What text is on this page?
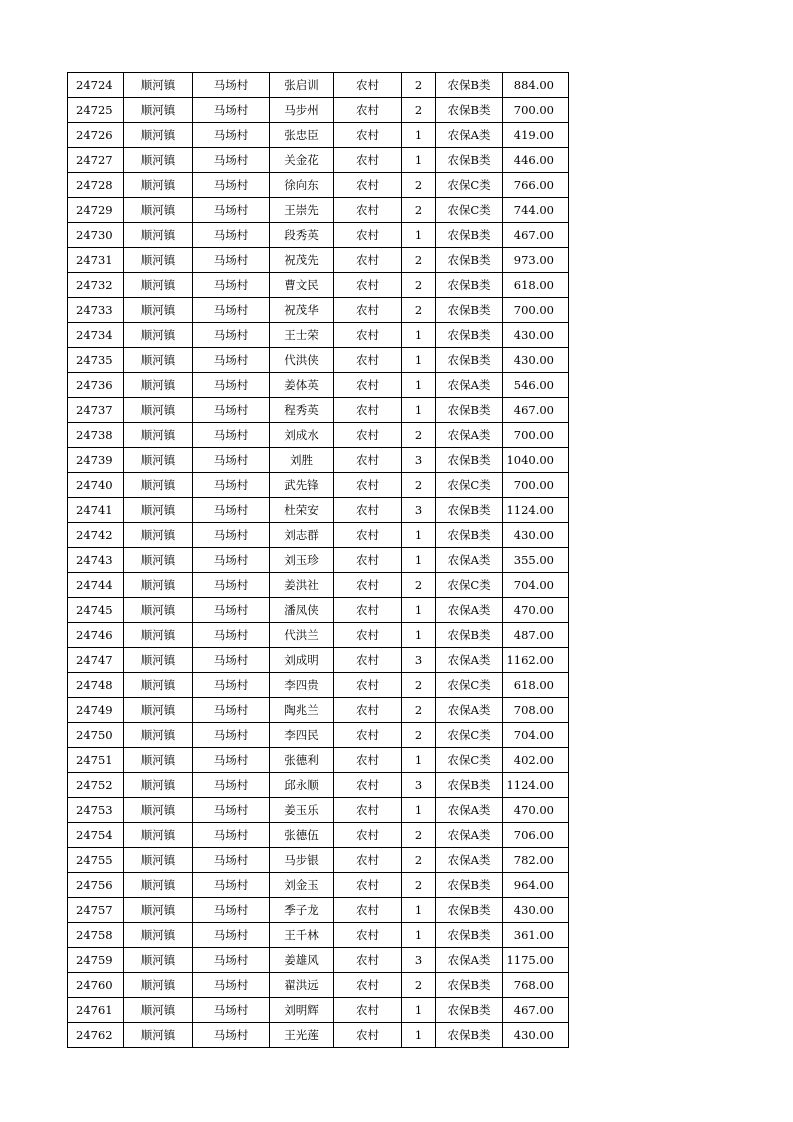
24724	顺河镇	马场村	张启训	农村	2	农保B类	884.00
24725	顺河镇	马场村	马步州	农村	2	农保B类	700.00
24726	顺河镇	马场村	张忠臣	农村	1	农保A类	419.00
24727	顺河镇	马场村	关金花	农村	1	农保B类	446.00
24728	顺河镇	马场村	徐向东	农村	2	农保C类	766.00
24729	顺河镇	马场村	王崇先	农村	2	农保C类	744.00
24730	顺河镇	马场村	段秀英	农村	1	农保B类	467.00
24731	顺河镇	马场村	祝茂先	农村	2	农保B类	973.00
24732	顺河镇	马场村	曹文民	农村	2	农保B类	618.00
24733	顺河镇	马场村	祝茂华	农村	2	农保B类	700.00
24734	顺河镇	马场村	王士荣	农村	1	农保B类	430.00
24735	顺河镇	马场村	代洪侠	农村	1	农保B类	430.00
24736	顺河镇	马场村	姜体英	农村	1	农保A类	546.00
24737	顺河镇	马场村	程秀英	农村	1	农保B类	467.00
24738	顺河镇	马场村	刘成水	农村	2	农保A类	700.00
24739	顺河镇	马场村	刘胜	农村	3	农保B类	1040.00
24740	顺河镇	马场村	武先锋	农村	2	农保C类	700.00
24741	顺河镇	马场村	杜荣安	农村	3	农保B类	1124.00
24742	顺河镇	马场村	刘志群	农村	1	农保B类	430.00
24743	顺河镇	马场村	刘玉珍	农村	1	农保A类	355.00
24744	顺河镇	马场村	姜洪社	农村	2	农保C类	704.00
24745	顺河镇	马场村	潘凤侠	农村	1	农保A类	470.00
24746	顺河镇	马场村	代洪兰	农村	1	农保B类	487.00
24747	顺河镇	马场村	刘成明	农村	3	农保A类	1162.00
24748	顺河镇	马场村	李四贵	农村	2	农保C类	618.00
24749	顺河镇	马场村	陶兆兰	农村	2	农保A类	708.00
24750	顺河镇	马场村	李四民	农村	2	农保C类	704.00
24751	顺河镇	马场村	张德利	农村	1	农保C类	402.00
24752	顺河镇	马场村	邱永顺	农村	3	农保B类	1124.00
24753	顺河镇	马场村	姜玉乐	农村	1	农保A类	470.00
24754	顺河镇	马场村	张德伍	农村	2	农保A类	706.00
24755	顺河镇	马场村	马步银	农村	2	农保A类	782.00
24756	顺河镇	马场村	刘金玉	农村	2	农保B类	964.00
24757	顺河镇	马场村	季子龙	农村	1	农保B类	430.00
24758	顺河镇	马场村	王千林	农村	1	农保B类	361.00
24759	顺河镇	马场村	姜雄风	农村	3	农保A类	1175.00
24760	顺河镇	马场村	翟洪远	农村	2	农保B类	768.00
24761	顺河镇	马场村	刘明辉	农村	1	农保B类	467.00
24762	顺河镇	马场村	王光莲	农村	1	农保B类	430.00
